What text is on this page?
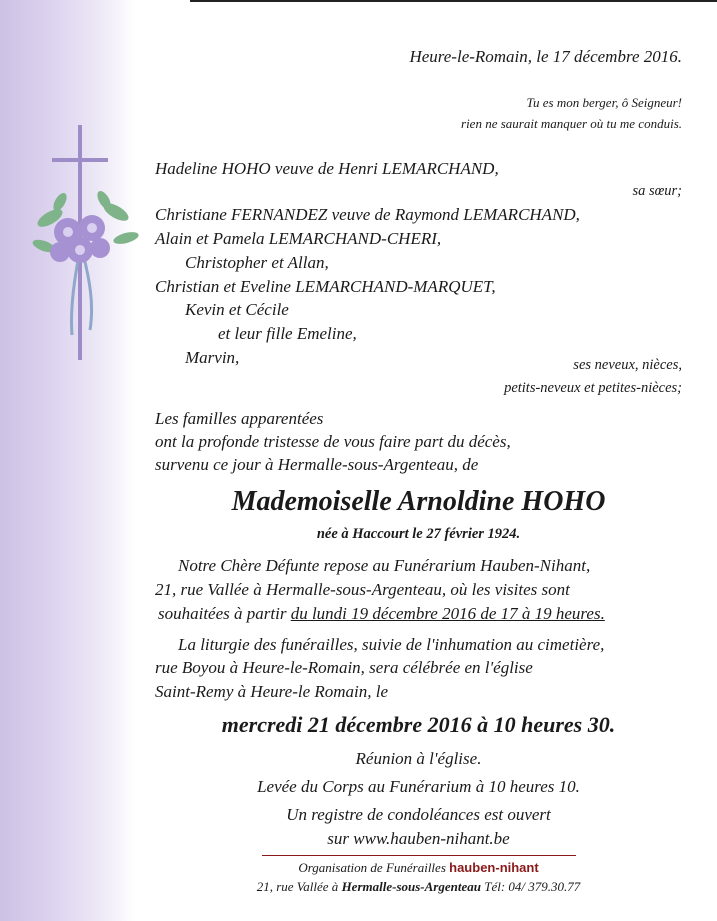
Heure-le-Romain, le 17 décembre 2016.
Tu es mon berger, ô Seigneur!
rien ne saurait manquer où tu me conduis.
Hadeline HOHO veuve de Henri LEMARCHAND,
sa sœur;
Christiane FERNANDEZ veuve de Raymond LEMARCHAND,
Alain et Pamela LEMARCHAND-CHERI,
Christopher et Allan,
Christian et Eveline LEMARCHAND-MARQUET,
Kevin et Cécile
et leur fille Emeline,
Marvin,	ses neveux, nièces,
petits-neveux et petites-nièces;
Les familles apparentées
ont la profonde tristesse de vous faire part du décès,
survenu ce jour à Hermalle-sous-Argenteau, de
Mademoiselle Arnoldine HOHO
née à Haccourt le 27 février 1924.
Notre Chère Défunte repose au Funérarium Hauben-Nihant,
21, rue Vallée à Hermalle-sous-Argenteau, où les visites sont
souhaitées à partir du lundi 19 décembre 2016 de 17 à 19 heures.
La liturgie des funérailles, suivie de l'inhumation au cimetière,
rue Boyou à Heure-le-Romain, sera célébrée en l'église
Saint-Remy à Heure-le Romain, le
mercredi 21 décembre 2016 à 10 heures 30.
Réunion à l'église.
Levée du Corps au Funérarium à 10 heures 10.
Un registre de condoléances est ouvert
sur www.hauben-nihant.be
Organisation de Funérailles hauben-nihant
21, rue Vallée à Hermalle-sous-Argenteau Tél: 04/ 379.30.77
